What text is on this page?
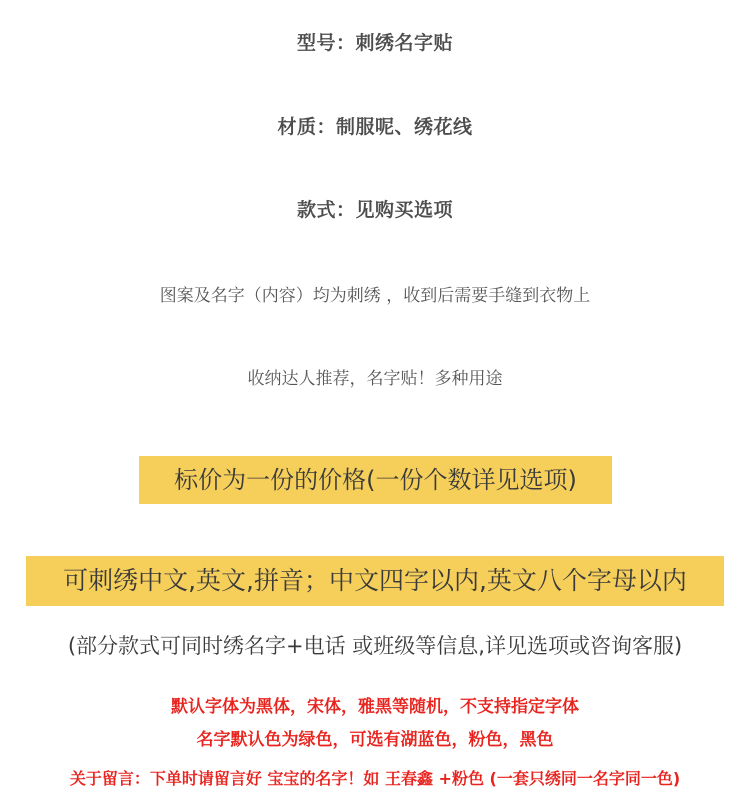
型号：刺绣名字贴
材质：制服呢、绣花线
款式：见购买选项
图案及名字（内容）均为刺绣 ，收到后需要手缝到衣物上
收纳达人推荐，名字贴！多种用途
标价为一份的价格(一份个数详见选项)
可刺绣中文,英文,拼音；中文四字以内,英文八个字母以内
(部分款式可同时绣名字+电话 或班级等信息,详见选项或咨询客服)
默认字体为黑体，宋体，雅黑等随机，不支持指定字体
名字默认色为绿色，可选有湖蓝色，粉色，黑色
关于留言：下单时请留言好 宝宝的名字！如 王春鑫 +粉色 (一套只绣同一名字同一色)
